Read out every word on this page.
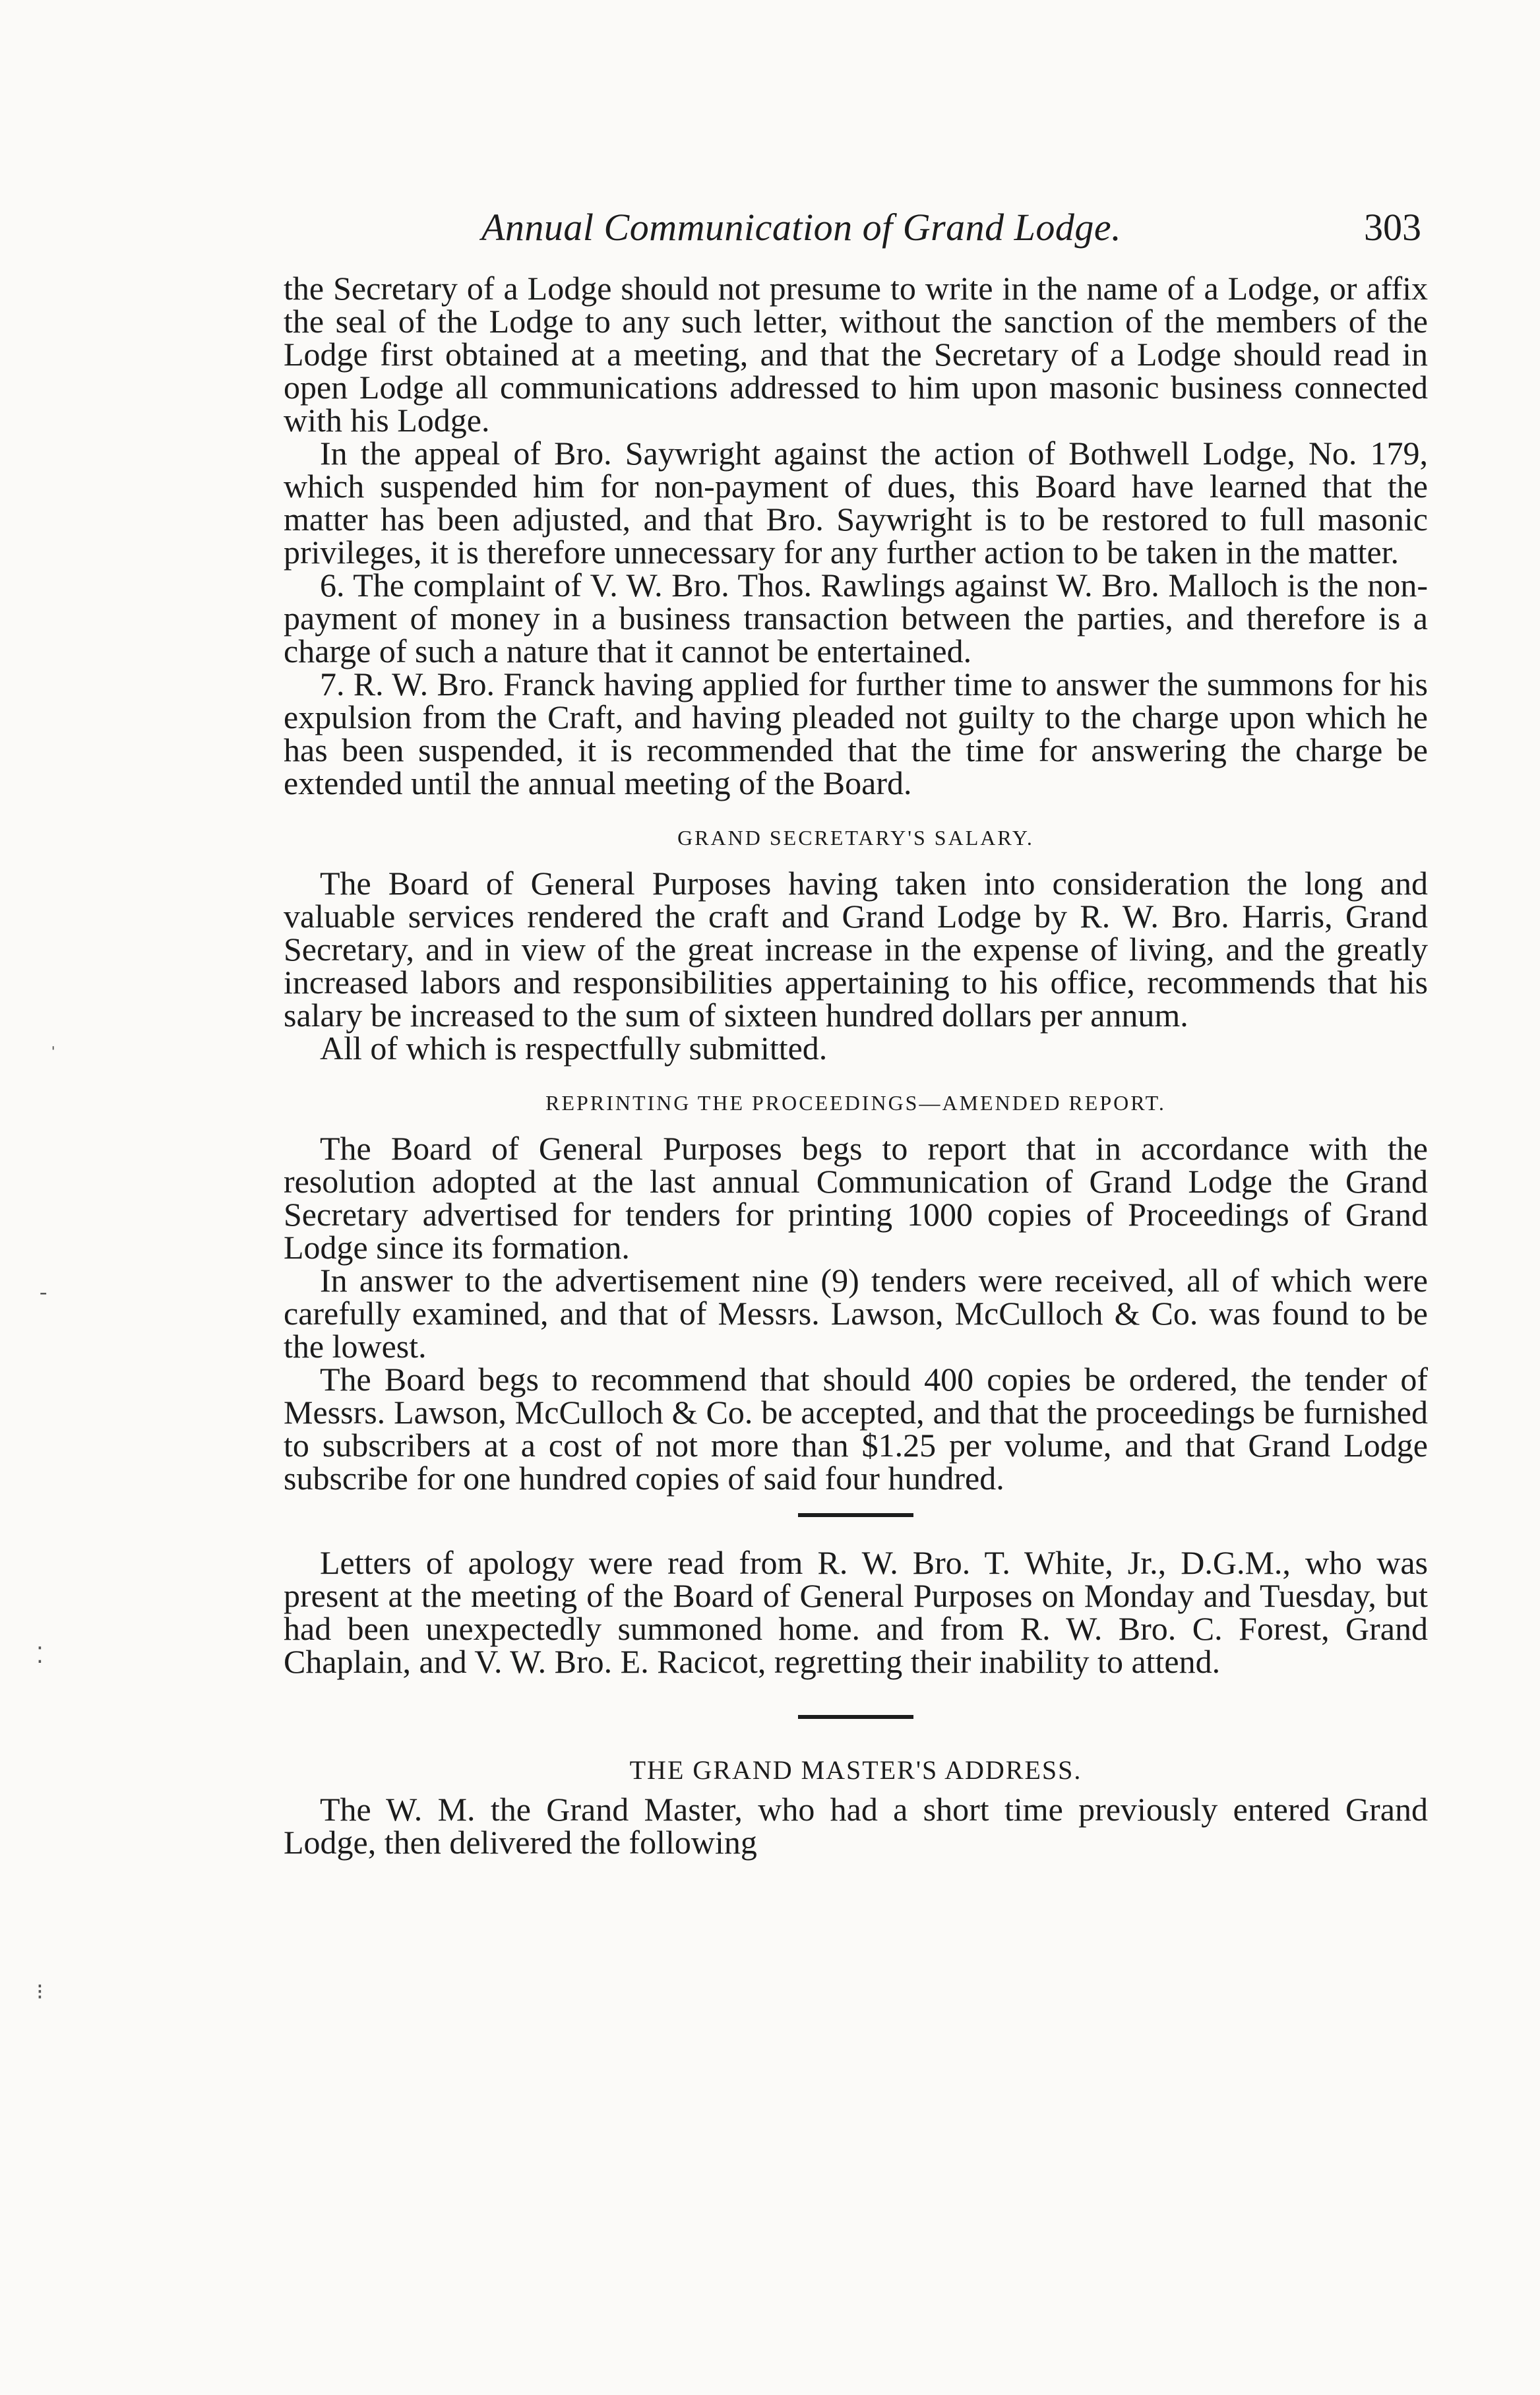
Annual Communication of Grand Lodge.	303

the Secretary of a Lodge should not presume to write in the name of a Lodge, or affix the seal of the Lodge to any such letter, without the sanction of the members of the Lodge first obtained at a meeting, and that the Secretary of a Lodge should read in open Lodge all communications addressed to him upon masonic business connected with his Lodge.

In the appeal of Bro. Saywright against the action of Bothwell Lodge, No. 179, which suspended him for non-payment of dues, this Board have learned that the matter has been adjusted, and that Bro. Saywright is to be restored to full masonic privileges, it is therefore unnecessary for any further action to be taken in the matter.

6. The complaint of V. W. Bro. Thos. Rawlings against W. Bro. Malloch is the non-payment of money in a business transaction between the parties, and therefore is a charge of such a nature that it cannot be entertained.

7. R. W. Bro. Franck having applied for further time to answer the summons for his expulsion from the Craft, and having pleaded not guilty to the charge upon which he has been suspended, it is recommended that the time for answering the charge be extended until the annual meeting of the Board.

GRAND SECRETARY'S SALARY.

The Board of General Purposes having taken into consideration the long and valuable services rendered the craft and Grand Lodge by R. W. Bro. Harris, Grand Secretary, and in view of the great increase in the expense of living, and the greatly increased labors and responsibilities appertaining to his office, recommends that his salary be increased to the sum of sixteen hundred dollars per annum.

All of which is respectfully submitted.

REPRINTING THE PROCEEDINGS—AMENDED REPORT.

The Board of General Purposes begs to report that in accordance with the resolution adopted at the last annual Communication of Grand Lodge the Grand Secretary advertised for tenders for printing 1000 copies of Proceedings of Grand Lodge since its formation.

In answer to the advertisement nine (9) tenders were received, all of which were carefully examined, and that of Messrs. Lawson, McCulloch & Co. was found to be the lowest.

The Board begs to recommend that should 400 copies be ordered, the tender of Messrs. Lawson, McCulloch & Co. be accepted, and that the proceedings be furnished to subscribers at a cost of not more than $1.25 per volume, and that Grand Lodge subscribe for one hundred copies of said four hundred.

Letters of apology were read from R. W. Bro. T. White, Jr., D.G.M., who was present at the meeting of the Board of General Purposes on Monday and Tuesday, but had been unexpectedly summoned home. and from R. W. Bro. C. Forest, Grand Chaplain, and V. W. Bro. E. Racicot, regretting their inability to attend.

THE GRAND MASTER'S ADDRESS.

The W. M. the Grand Master, who had a short time previously entered Grand Lodge, then delivered the following

ˌ
-
⁚
⁝
